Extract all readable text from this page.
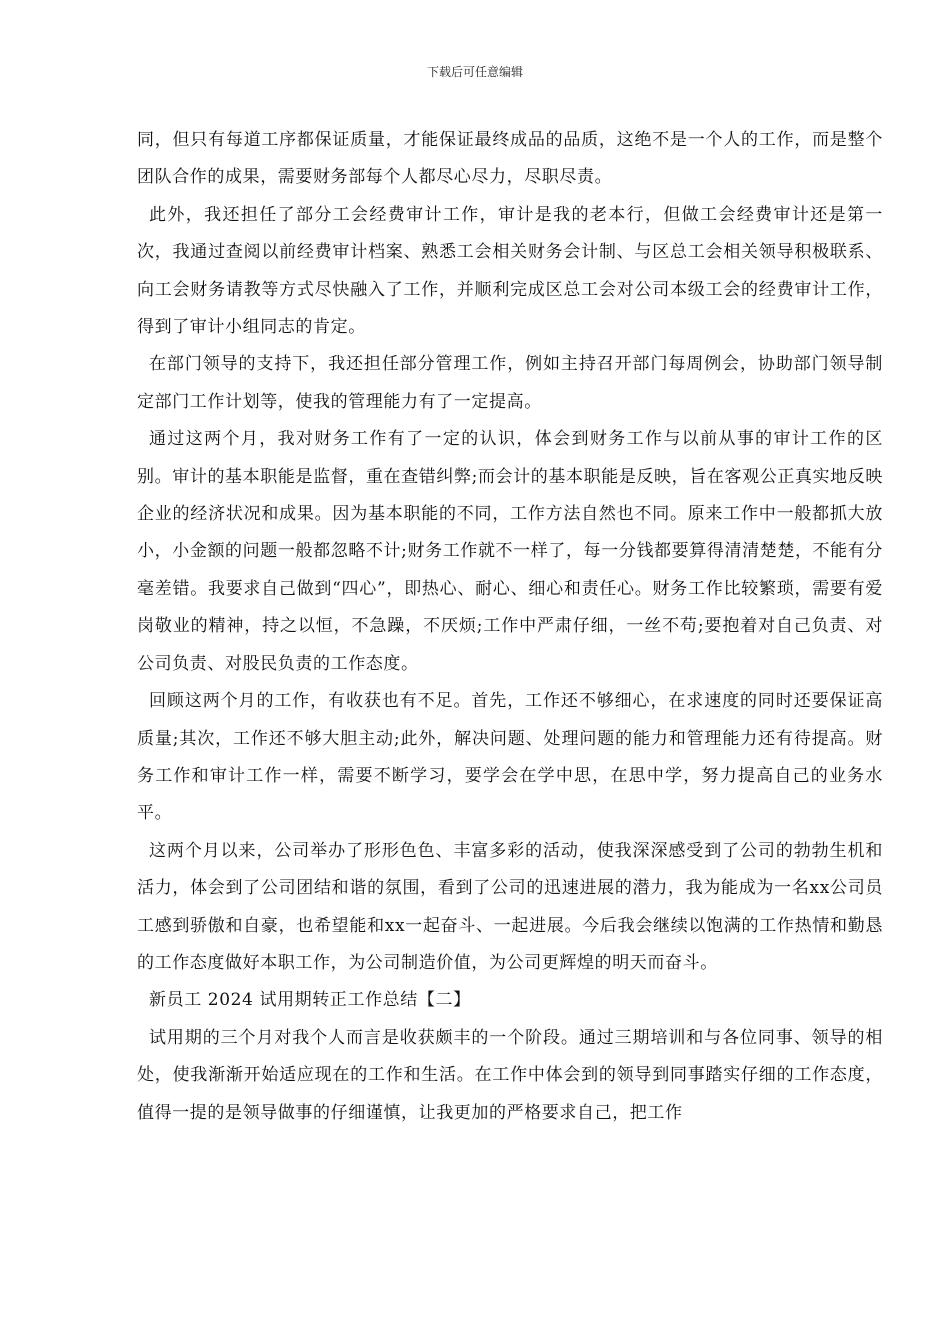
下载后可任意编辑

同，但只有每道工序都保证质量，才能保证最终成品的品质，这绝不是一个人的工作，而是整个团队合作的成果，需要财务部每个人都尽心尽力，尽职尽责。

此外，我还担任了部分工会经费审计工作，审计是我的老本行，但做工会经费审计还是第一次，我通过查阅以前经费审计档案、熟悉工会相关财务会计制、与区总工会相关领导积极联系、向工会财务请教等方式尽快融入了工作，并顺利完成区总工会对公司本级工会的经费审计工作，得到了审计小组同志的肯定。

在部门领导的支持下，我还担任部分管理工作，例如主持召开部门每周例会，协助部门领导制定部门工作计划等，使我的管理能力有了一定提高。

通过这两个月，我对财务工作有了一定的认识，体会到财务工作与以前从事的审计工作的区别。审计的基本职能是监督，重在查错纠弊;而会计的基本职能是反映，旨在客观公正真实地反映企业的经济状况和成果。因为基本职能的不同，工作方法自然也不同。原来工作中一般都抓大放小，小金额的问题一般都忽略不计;财务工作就不一样了，每一分钱都要算得清清楚楚，不能有分毫差错。我要求自己做到“四心”，即热心、耐心、细心和责任心。财务工作比较繁琐，需要有爱岗敬业的精神，持之以恒，不急躁，不厌烦;工作中严肃仔细，一丝不苟;要抱着对自己负责、对公司负责、对股民负责的工作态度。

回顾这两个月的工作，有收获也有不足。首先，工作还不够细心，在求速度的同时还要保证高质量;其次，工作还不够大胆主动;此外，解决问题、处理问题的能力和管理能力还有待提高。财务工作和审计工作一样，需要不断学习，要学会在学中思，在思中学，努力提高自己的业务水平。

这两个月以来，公司举办了形形色色、丰富多彩的活动，使我深深感受到了公司的勃勃生机和活力，体会到了公司团结和谐的氛围，看到了公司的迅速进展的潜力，我为能成为一名xx公司员工感到骄傲和自豪，也希望能和xx一起奋斗、一起进展。今后我会继续以饱满的工作热情和勤恳的工作态度做好本职工作，为公司制造价值，为公司更辉煌的明天而奋斗。

新员工 2024 试用期转正工作总结【二】

试用期的三个月对我个人而言是收获颇丰的一个阶段。通过三期培训和与各位同事、领导的相处，使我渐渐开始适应现在的工作和生活。在工作中体会到的领导到同事踏实仔细的工作态度，值得一提的是领导做事的仔细谨慎，让我更加的严格要求自己，把工作
